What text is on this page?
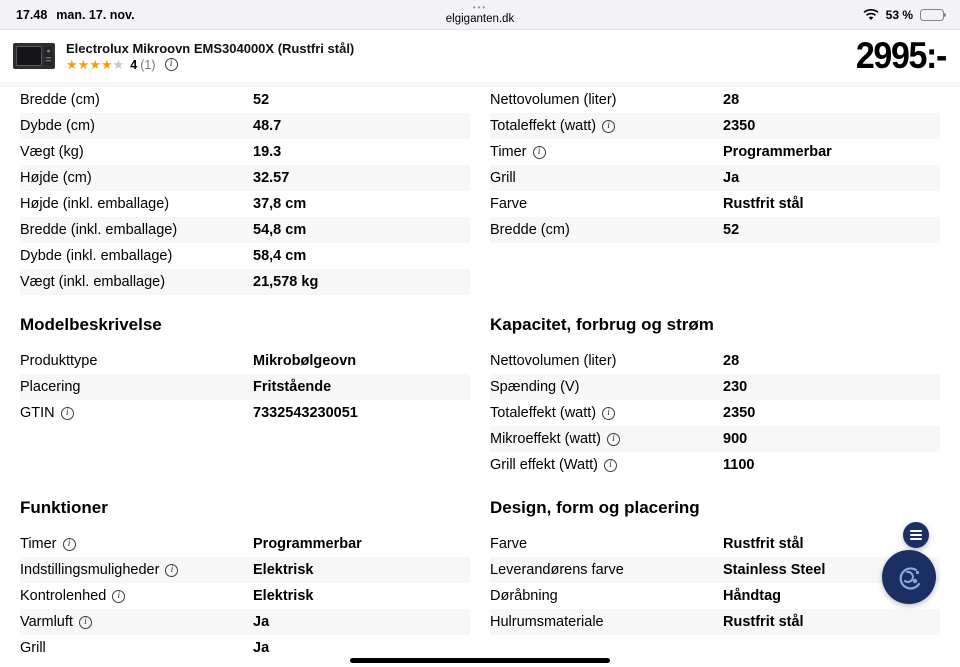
17.48 man. 17. nov.	•••
elgiganten.dk	53 %
Electrolux Mikroovn EMS304000X (Rustfri stål)
★★★★★ 4 (1)	i	2995:-
Bredde (cm)	52
Dybde (cm)	48.7
Vægt (kg)	19.3
Højde (cm)	32.57
Højde (inkl. emballage)	37,8 cm
Bredde (inkl. emballage)	54,8 cm
Dybde (inkl. emballage)	58,4 cm
Vægt (inkl. emballage)	21,578 kg
Nettovolumen (liter)	28
Totaleffekt (watt)	i	2350
Timer	i	Programmerbar
Grill	Ja
Farve	Rustfrit stål
Bredde (cm)	52
Modelbeskrivelse	Kapacitet, forbrug og strøm
Produkttype	Mikrobølgeovn
Placering	Fritstående
GTIN	i	7332543230051
Nettovolumen (liter)	28
Spænding (V)	230
Totaleffekt (watt)	i	2350
Mikroeffekt (watt)	i	900
Grill effekt (Watt)	i	1100
Funktioner	Design, form og placering
Timer	i	Programmerbar
Indstillingsmuligheder	i	Elektrisk
Kontrolenhed	i	Elektrisk
Varmluft	i	Ja
Grill	Ja
Farve	Rustfrit stål
Leverandørens farve	Stainless Steel
Døråbning	Håndtag
Hulrumsmateriale	Rustfrit stål
